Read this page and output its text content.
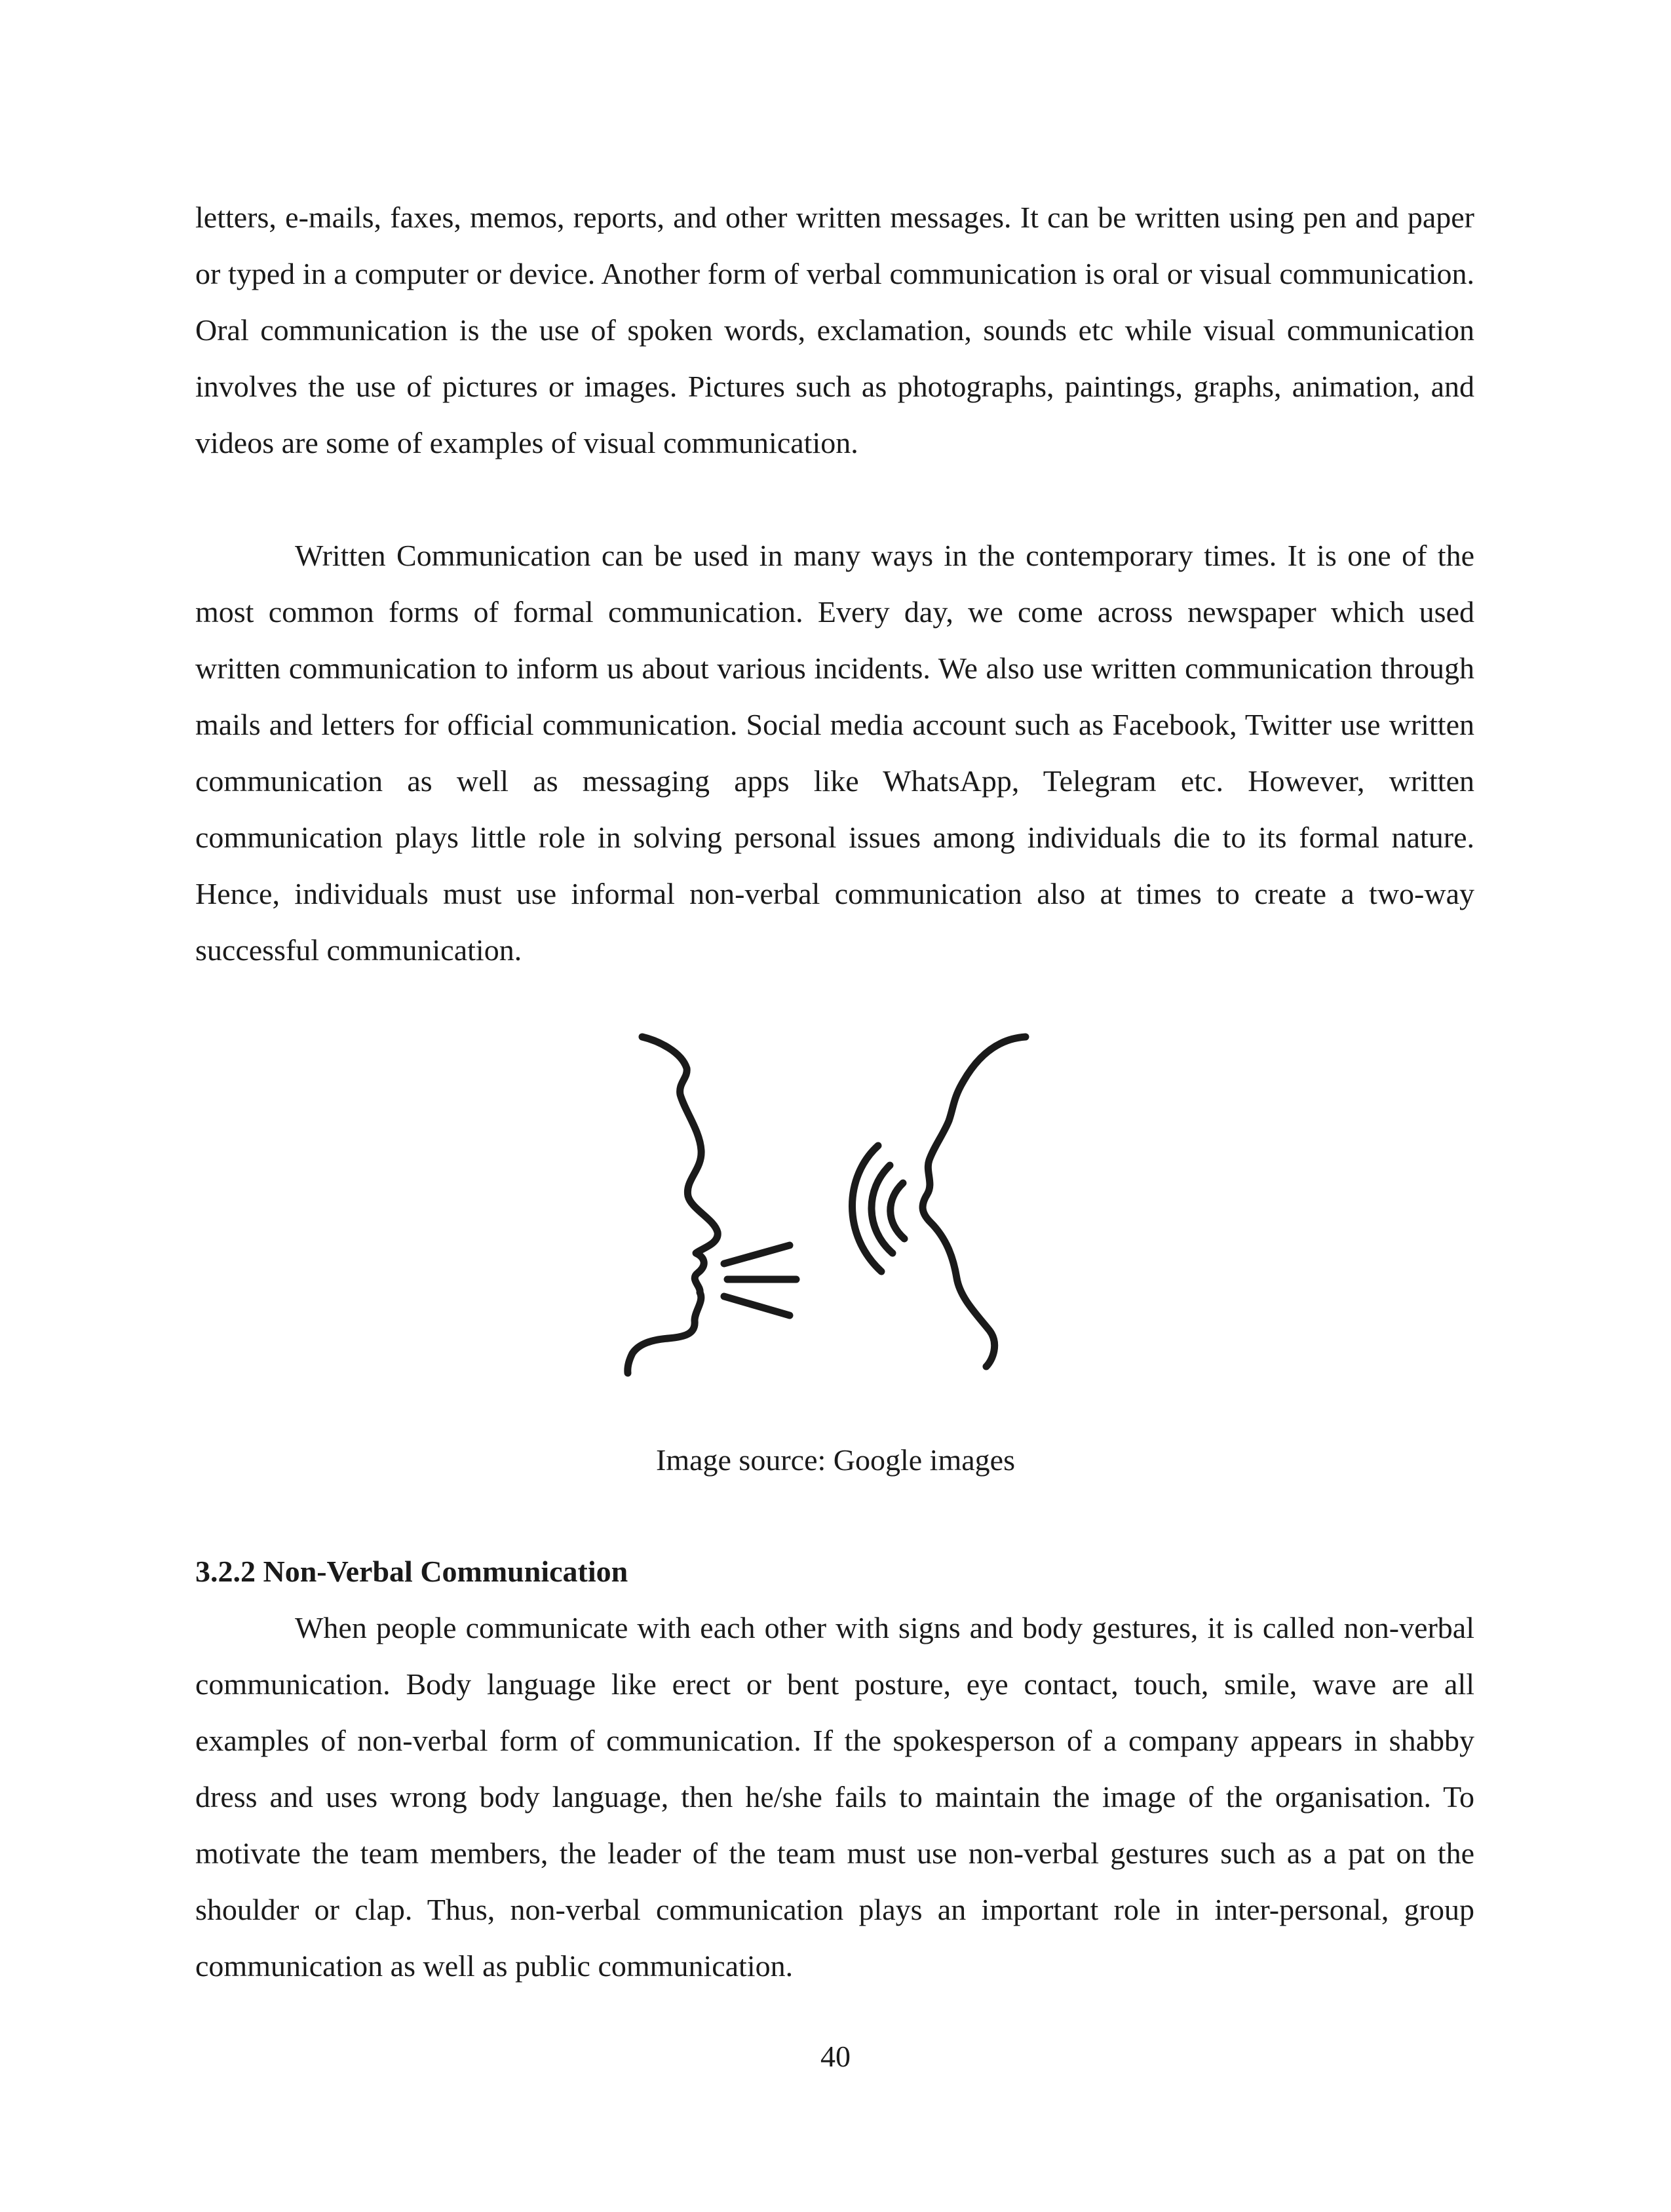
letters, e-mails, faxes, memos, reports, and other written messages. It can be written using pen and paper or typed in a computer or device. Another form of verbal communication is oral or visual communication. Oral communication is the use of spoken words, exclamation, sounds etc while visual communication involves the use of pictures or images. Pictures such as photographs, paintings, graphs, animation, and videos are some of examples of visual communication.

Written Communication can be used in many ways in the contemporary times. It is one of the most common forms of formal communication. Every day, we come across newspaper which used written communication to inform us about various incidents. We also use written communication through mails and letters for official communication. Social media account such as Facebook, Twitter use written communication as well as messaging apps like WhatsApp, Telegram etc. However, written communication plays little role in solving personal issues among individuals die to its formal nature. Hence, individuals must use informal non-verbal communication also at times to create a two-way successful communication.

Image source: Google images
3.2.2 Non-Verbal Communication

When people communicate with each other with signs and body gestures, it is called non-verbal communication. Body language like erect or bent posture, eye contact, touch, smile, wave are all examples of non-verbal form of communication. If the spokesperson of a company appears in shabby dress and uses wrong body language, then he/she fails to maintain the image of the organisation. To motivate the team members, the leader of the team must use non-verbal gestures such as a pat on the shoulder or clap. Thus, non-verbal communication plays an important role in inter-personal, group communication as well as public communication.

40
